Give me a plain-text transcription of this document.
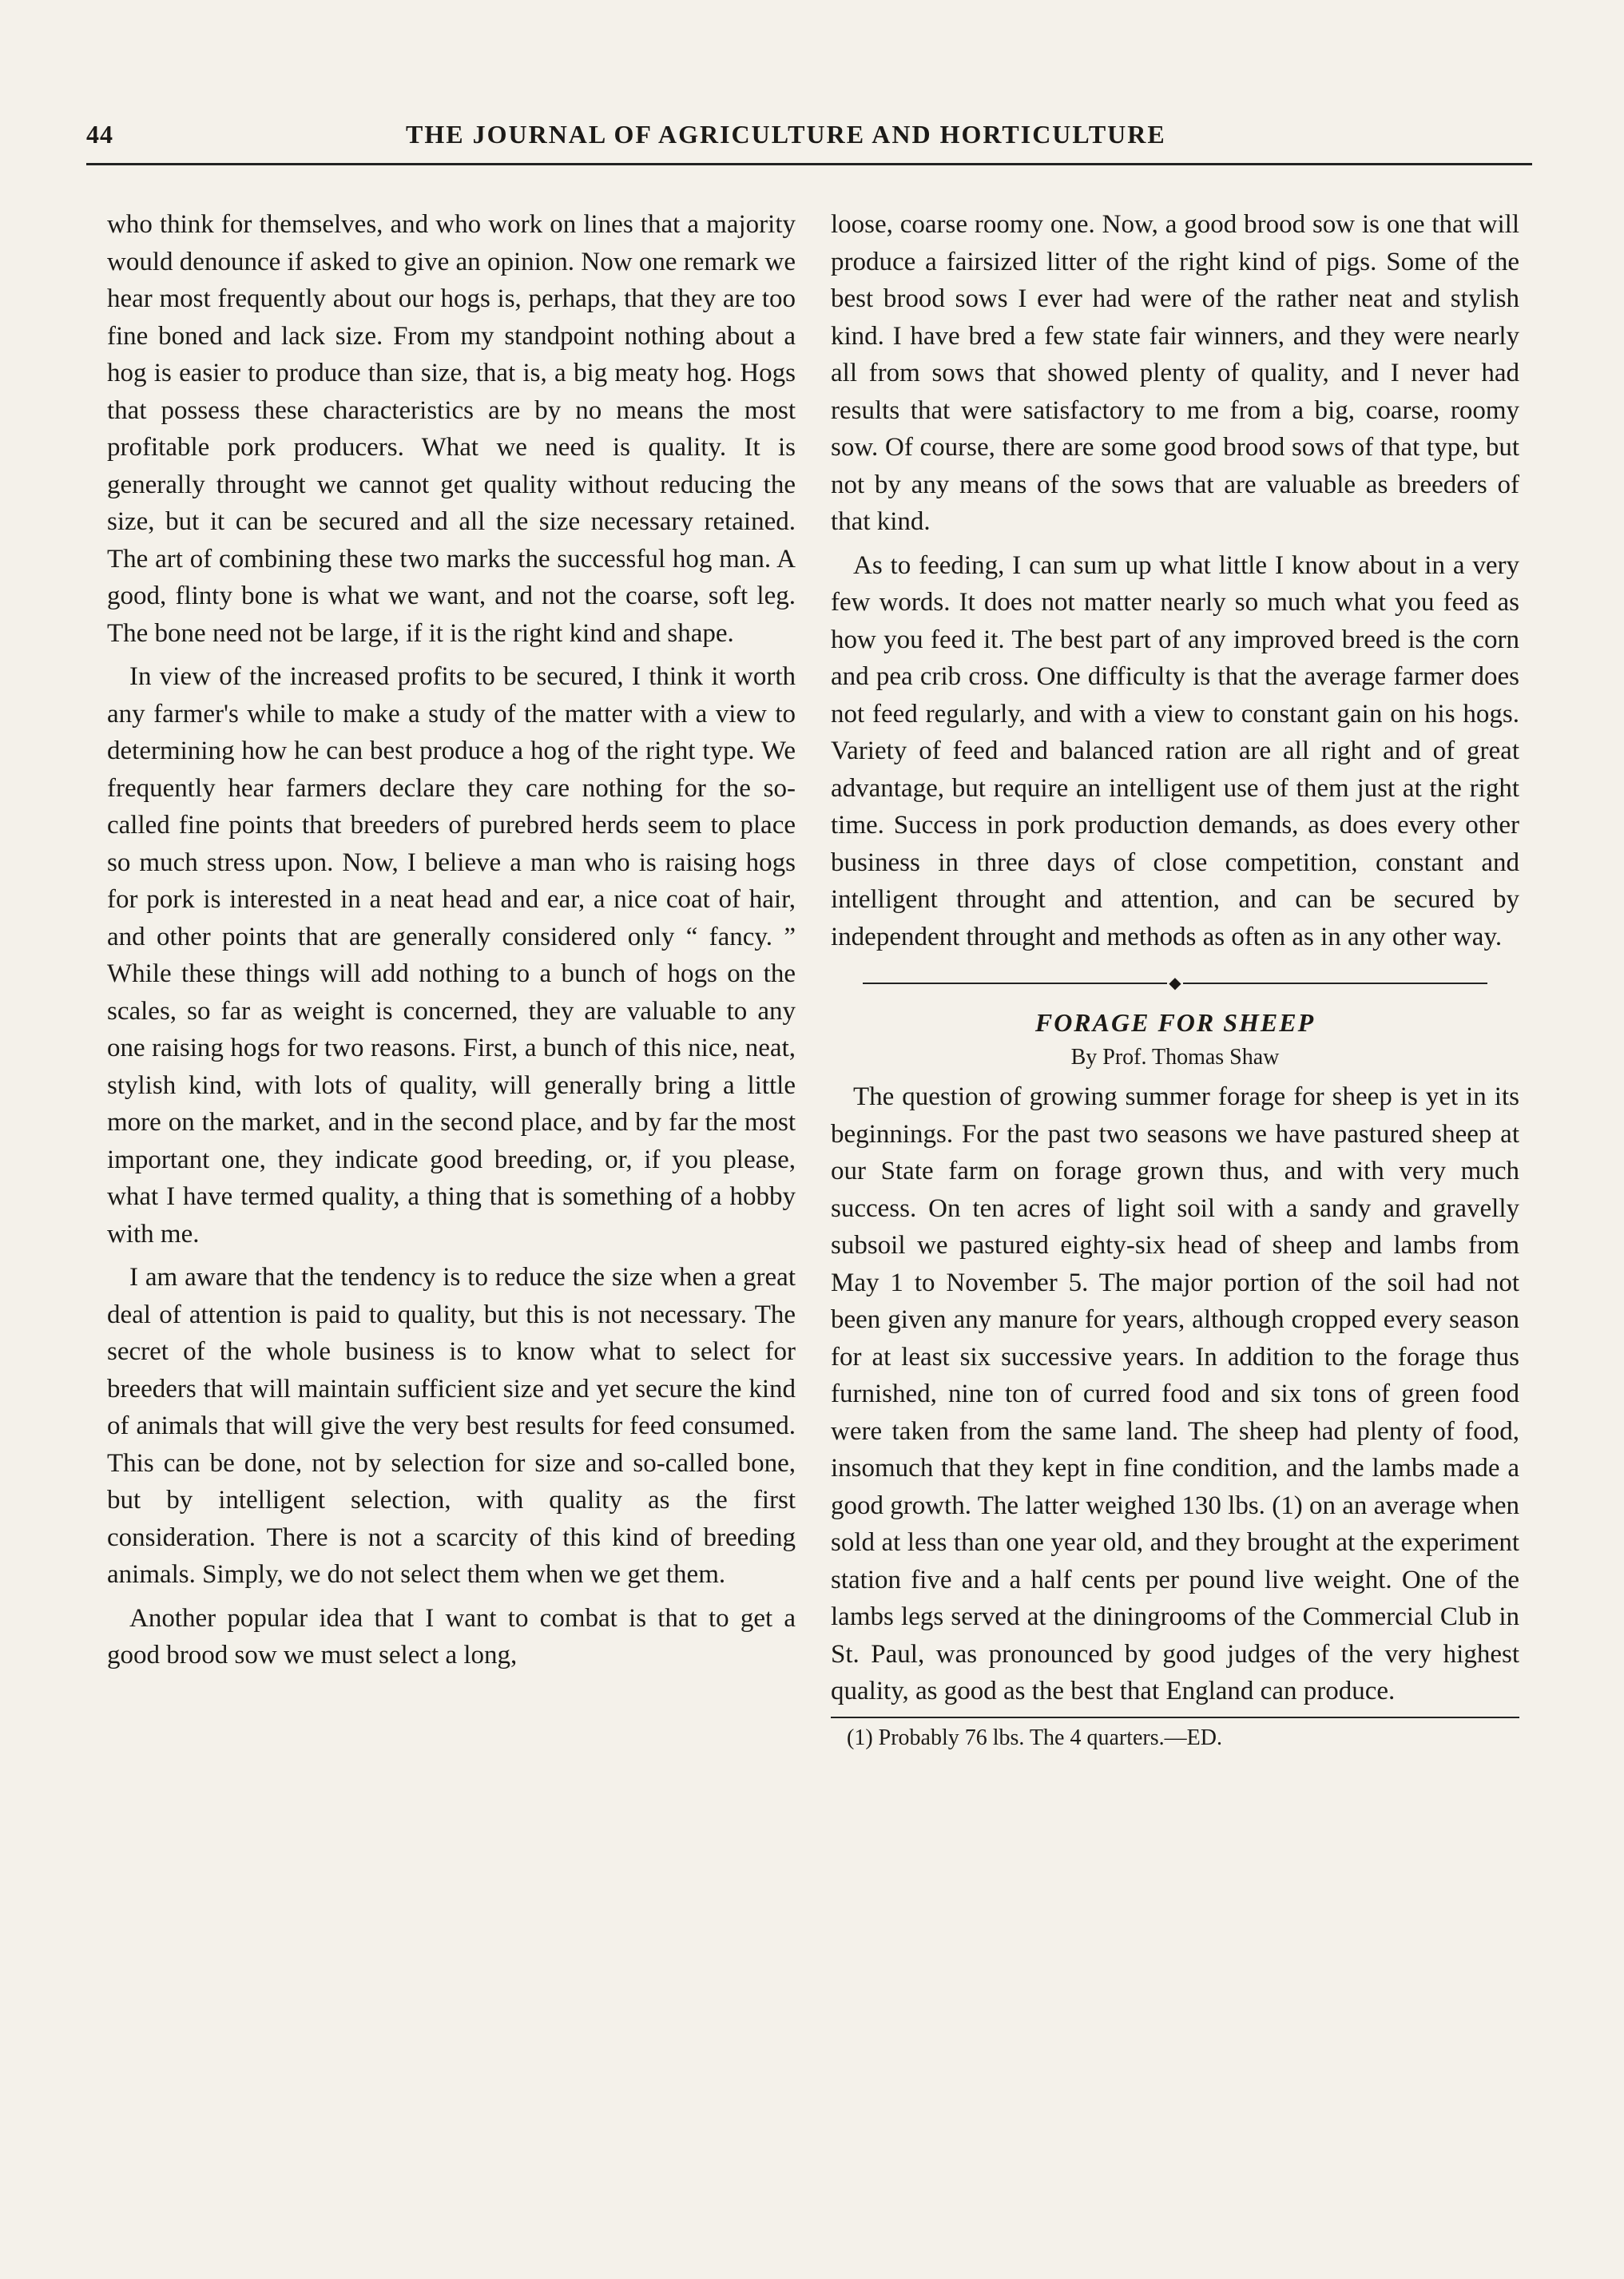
44	THE JOURNAL OF AGRICULTURE AND HORTICULTURE

who think for themselves, and who work on lines that a majority would denounce if asked to give an opinion. Now one remark we hear most frequently about our hogs is, perhaps, that they are too fine boned and lack size. From my standpoint nothing about a hog is easier to produce than size, that is, a big meaty hog. Hogs that possess these characteristics are by no means the most profitable pork producers. What we need is quality. It is generally throught we cannot get quality without reducing the size, but it can be secured and all the size necessary retained. The art of combining these two marks the successful hog man. A good, flinty bone is what we want, and not the coarse, soft leg. The bone need not be large, if it is the right kind and shape.

In view of the increased profits to be secured, I think it worth any farmer's while to make a study of the matter with a view to determining how he can best produce a hog of the right type. We frequently hear farmers declare they care nothing for the so-called fine points that breeders of purebred herds seem to place so much stress upon. Now, I believe a man who is raising hogs for pork is interested in a neat head and ear, a nice coat of hair, and other points that are generally considered only “ fancy. ” While these things will add nothing to a bunch of hogs on the scales, so far as weight is concerned, they are valuable to any one raising hogs for two reasons. First, a bunch of this nice, neat, stylish kind, with lots of quality, will generally bring a little more on the market, and in the second place, and by far the most important one, they indicate good breeding, or, if you please, what I have termed quality, a thing that is something of a hobby with me.

I am aware that the tendency is to reduce the size when a great deal of attention is paid to quality, but this is not necessary. The secret of the whole business is to know what to select for breeders that will maintain sufficient size and yet secure the kind of animals that will give the very best results for feed consumed. This can be done, not by selection for size and so-called bone, but by intelligent selection, with quality as the first consideration. There is not a scarcity of this kind of breeding animals. Simply, we do not select them when we get them.

Another popular idea that I want to combat is that to get a good brood sow we must select a long,

loose, coarse roomy one. Now, a good brood sow is one that will produce a fairsized litter of the right kind of pigs. Some of the best brood sows I ever had were of the rather neat and stylish kind. I have bred a few state fair winners, and they were nearly all from sows that showed plenty of quality, and I never had results that were satisfactory to me from a big, coarse, roomy sow. Of course, there are some good brood sows of that type, but not by any means of the sows that are valuable as breeders of that kind.

As to feeding, I can sum up what little I know about in a very few words. It does not matter nearly so much what you feed as how you feed it. The best part of any improved breed is the corn and pea crib cross. One difficulty is that the average farmer does not feed regularly, and with a view to constant gain on his hogs. Variety of feed and balanced ration are all right and of great advantage, but require an intelligent use of them just at the right time. Success in pork production demands, as does every other business in three days of close competition, constant and intelligent throught and attention, and can be secured by independent throught and methods as often as in any other way.

◆
FORAGE FOR SHEEP
By Prof. Thomas Shaw

The question of growing summer forage for sheep is yet in its beginnings. For the past two seasons we have pastured sheep at our State farm on forage grown thus, and with very much success. On ten acres of light soil with a sandy and gravelly subsoil we pastured eighty-six head of sheep and lambs from May 1 to November 5. The major portion of the soil had not been given any manure for years, although cropped every season for at least six successive years. In addition to the forage thus furnished, nine ton of curred food and six tons of green food were taken from the same land. The sheep had plenty of food, insomuch that they kept in fine condition, and the lambs made a good growth. The latter weighed 130 lbs. (1) on an average when sold at less than one year old, and they brought at the experiment station five and a half cents per pound live weight. One of the lambs legs served at the diningrooms of the Commercial Club in St. Paul, was pronounced by good judges of the very highest quality, as good as the best that England can produce.

(1) Probably 76 lbs. The 4 quarters.—ED.
